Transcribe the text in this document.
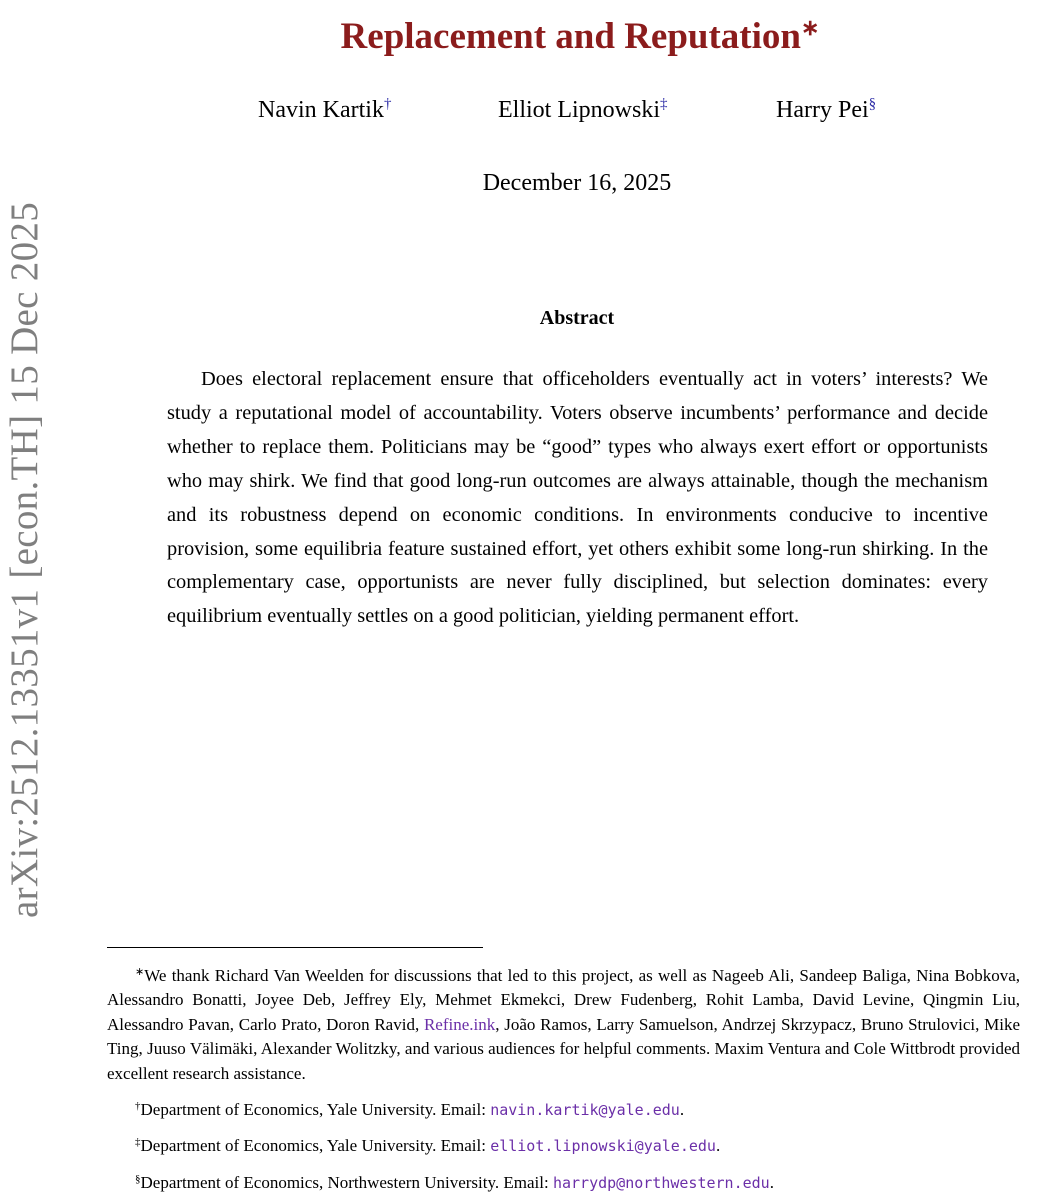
arXiv:2512.13351v1 [econ.TH] 15 Dec 2025
Replacement and Reputation∗
Navin Kartik†	Elliot Lipnowski‡	Harry Pei§
December 16, 2025
Abstract

Does electoral replacement ensure that officeholders eventually act in voters’ interests? We study a reputational model of accountability. Voters observe incumbents’ performance and decide whether to replace them. Politicians may be “good” types who always exert effort or opportunists who may shirk. We find that good long-run outcomes are always attainable, though the mechanism and its robustness depend on economic conditions. In environments conducive to incentive provision, some equilibria feature sustained effort, yet others exhibit some long-run shirking. In the complementary case, opportunists are never fully disciplined, but selection dominates: every equilibrium eventually settles on a good politician, yielding permanent effort.

∗We thank Richard Van Weelden for discussions that led to this project, as well as Nageeb Ali, Sandeep Baliga, Nina Bobkova, Alessandro Bonatti, Joyee Deb, Jeffrey Ely, Mehmet Ekmekci, Drew Fudenberg, Rohit Lamba, David Levine, Qingmin Liu, Alessandro Pavan, Carlo Prato, Doron Ravid, Refine.ink, João Ramos, Larry Samuelson, Andrzej Skrzypacz, Bruno Strulovici, Mike Ting, Juuso Välimäki, Alexander Wolitzky, and various audiences for helpful comments. Maxim Ventura and Cole Wittbrodt provided excellent research assistance.

†Department of Economics, Yale University. Email: navin.kartik@yale.edu.

‡Department of Economics, Yale University. Email: elliot.lipnowski@yale.edu.

§Department of Economics, Northwestern University. Email: harrydp@northwestern.edu.
